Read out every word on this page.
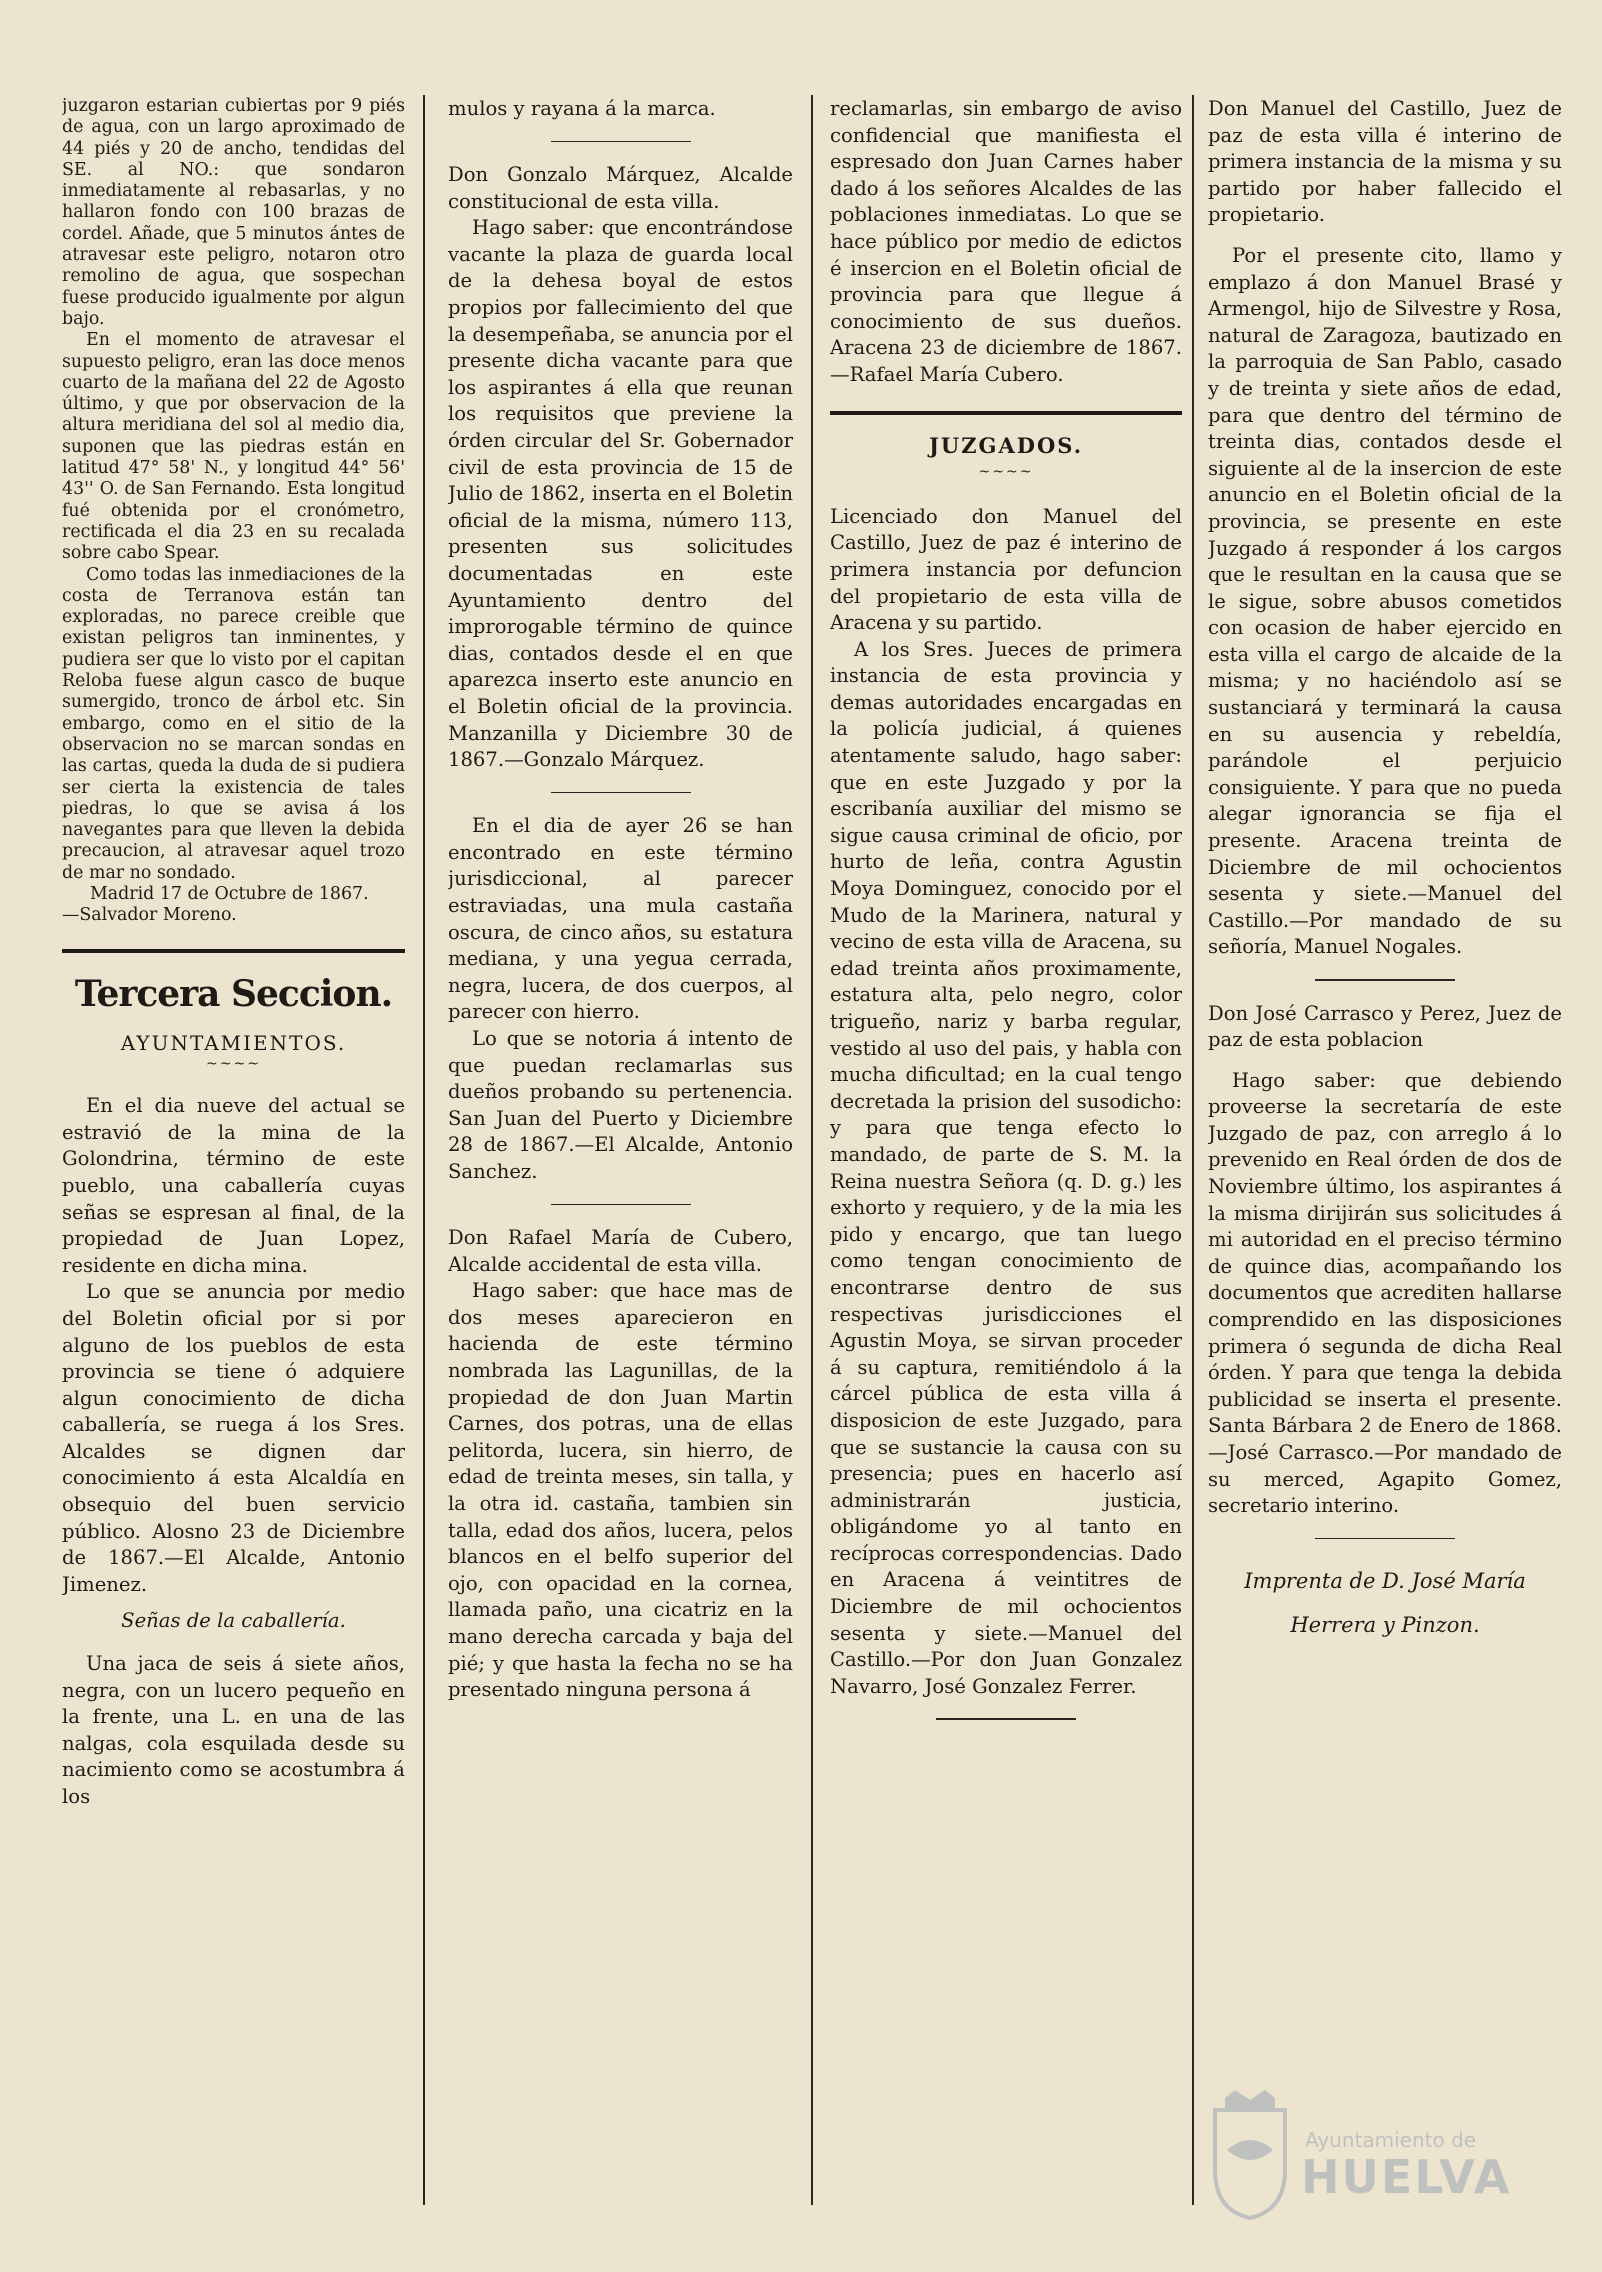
juzgaron estarian cubiertas por 9 piés de agua, con un largo aproximado de 44 piés y 20 de ancho, tendidas del SE. al NO.: que sondaron inmediatamente al rebasarlas, y no hallaron fondo con 100 brazas de cordel. Añade, que 5 minutos ántes de atravesar este peligro, notaron otro remolino de agua, que sospechan fuese producido igualmente por algun bajo.

En el momento de atravesar el supuesto peligro, eran las doce menos cuarto de la mañana del 22 de Agosto último, y que por observacion de la altura meridiana del sol al medio dia, suponen que las piedras están en latitud 47° 58' N., y longitud 44° 56' 43'' O. de San Fernando. Esta longitud fué obtenida por el cronómetro, rectificada el dia 23 en su recalada sobre cabo Spear.

Como todas las inmediaciones de la costa de Terranova están tan exploradas, no parece creible que existan peligros tan inminentes, y pudiera ser que lo visto por el capitan Reloba fuese algun casco de buque sumergido, tronco de árbol etc. Sin embargo, como en el sitio de la observacion no se marcan sondas en las cartas, queda la duda de si pudiera ser cierta la existencia de tales piedras, lo que se avisa á los navegantes para que lleven la debida precaucion, al atravesar aquel trozo de mar no sondado.

Madrid 17 de Octubre de 1867.

—Salvador Moreno.

Tercera Seccion.
AYUNTAMIENTOS.
~~~~

En el dia nueve del actual se estravió de la mina de la Golondrina, término de este pueblo, una caballería cuyas señas se espresan al final, de la propiedad de Juan Lopez, residente en dicha mina.

Lo que se anuncia por medio del Boletin oficial por si por alguno de los pueblos de esta provincia se tiene ó adquiere algun conocimiento de dicha caballería, se ruega á los Sres. Alcaldes se dignen dar conocimiento á esta Alcaldía en obsequio del buen servicio público. Alosno 23 de Diciembre de 1867.—El Alcalde, Antonio Jimenez.

Señas de la caballería.

Una jaca de seis á siete años, negra, con un lucero pequeño en la frente, una L. en una de las nalgas, cola esquilada desde su nacimiento como se acostumbra á los

mulos y rayana á la marca.

Don Gonzalo Márquez, Alcalde constitucional de esta villa.

Hago saber: que encontrándose vacante la plaza de guarda local de la dehesa boyal de estos propios por fallecimiento del que la desempeñaba, se anuncia por el presente dicha vacante para que los aspirantes á ella que reunan los requisitos que previene la órden circular del Sr. Gobernador civil de esta provincia de 15 de Julio de 1862, inserta en el Boletin oficial de la misma, número 113, presenten sus solicitudes documentadas en este Ayuntamiento dentro del improrogable término de quince dias, contados desde el en que aparezca inserto este anuncio en el Boletin oficial de la provincia. Manzanilla y Diciembre 30 de 1867.—Gonzalo Márquez.

En el dia de ayer 26 se han encontrado en este término jurisdiccional, al parecer estraviadas, una mula castaña oscura, de cinco años, su estatura mediana, y una yegua cerrada, negra, lucera, de dos cuerpos, al parecer con hierro.

Lo que se notoria á intento de que puedan reclamarlas sus dueños probando su pertenencia. San Juan del Puerto y Diciembre 28 de 1867.—El Alcalde, Antonio Sanchez.

Don Rafael María de Cubero, Alcalde accidental de esta villa.

Hago saber: que hace mas de dos meses aparecieron en hacienda de este término nombrada las Lagunillas, de la propiedad de don Juan Martin Carnes, dos potras, una de ellas pelitorda, lucera, sin hierro, de edad de treinta meses, sin talla, y la otra id. castaña, tambien sin talla, edad dos años, lucera, pelos blancos en el belfo superior del ojo, con opacidad en la cornea, llamada paño, una cicatriz en la mano derecha carcada y baja del pié; y que hasta la fecha no se ha presentado ninguna persona á

reclamarlas, sin embargo de aviso confidencial que manifiesta el espresado don Juan Carnes haber dado á los señores Alcaldes de las poblaciones inmediatas. Lo que se hace público por medio de edictos é insercion en el Boletin oficial de provincia para que llegue á conocimiento de sus dueños. Aracena 23 de diciembre de 1867.—Rafael María Cubero.

JUZGADOS.
~~~~

Licenciado don Manuel del Castillo, Juez de paz é interino de primera instancia por defuncion del propietario de esta villa de Aracena y su partido.

A los Sres. Jueces de primera instancia de esta provincia y demas autoridades encargadas en la policía judicial, á quienes atentamente saludo, hago saber: que en este Juzgado y por la escribanía auxiliar del mismo se sigue causa criminal de oficio, por hurto de leña, contra Agustin Moya Dominguez, conocido por el Mudo de la Marinera, natural y vecino de esta villa de Aracena, su edad treinta años proximamente, estatura alta, pelo negro, color trigueño, nariz y barba regular, vestido al uso del pais, y habla con mucha dificultad; en la cual tengo decretada la prision del susodicho: y para que tenga efecto lo mandado, de parte de S. M. la Reina nuestra Señora (q. D. g.) les exhorto y requiero, y de la mia les pido y encargo, que tan luego como tengan conocimiento de encontrarse dentro de sus respectivas jurisdicciones el Agustin Moya, se sirvan proceder á su captura, remitiéndolo á la cárcel pública de esta villa á disposicion de este Juzgado, para que se sustancie la causa con su presencia; pues en hacerlo así administrarán justicia, obligándome yo al tanto en recíprocas correspondencias. Dado en Aracena á veintitres de Diciembre de mil ochocientos sesenta y siete.—Manuel del Castillo.—Por don Juan Gonzalez Navarro, José Gonzalez Ferrer.

Don Manuel del Castillo, Juez de paz de esta villa é interino de primera instancia de la misma y su partido por haber fallecido el propietario.

Por el presente cito, llamo y emplazo á don Manuel Brasé y Armengol, hijo de Silvestre y Rosa, natural de Zaragoza, bautizado en la parroquia de San Pablo, casado y de treinta y siete años de edad, para que dentro del término de treinta dias, contados desde el siguiente al de la insercion de este anuncio en el Boletin oficial de la provincia, se presente en este Juzgado á responder á los cargos que le resultan en la causa que se le sigue, sobre abusos cometidos con ocasion de haber ejercido en esta villa el cargo de alcaide de la misma; y no haciéndolo así se sustanciará y terminará la causa en su ausencia y rebeldía, parándole el perjuicio consiguiente. Y para que no pueda alegar ignorancia se fija el presente. Aracena treinta de Diciembre de mil ochocientos sesenta y siete.—Manuel del Castillo.—Por mandado de su señoría, Manuel Nogales.

Don José Carrasco y Perez, Juez de paz de esta poblacion

Hago saber: que debiendo proveerse la secretaría de este Juzgado de paz, con arreglo á lo prevenido en Real órden de dos de Noviembre último, los aspirantes á la misma dirijirán sus solicitudes á mi autoridad en el preciso término de quince dias, acompañando los documentos que acrediten hallarse comprendido en las disposiciones primera ó segunda de dicha Real órden. Y para que tenga la debida publicidad se inserta el presente. Santa Bárbara 2 de Enero de 1868.—José Carrasco.—Por mandado de su merced, Agapito Gomez, secretario interino.

Imprenta de D. José María
Herrera y Pinzon.
Ayuntamiento de
HUELVA
